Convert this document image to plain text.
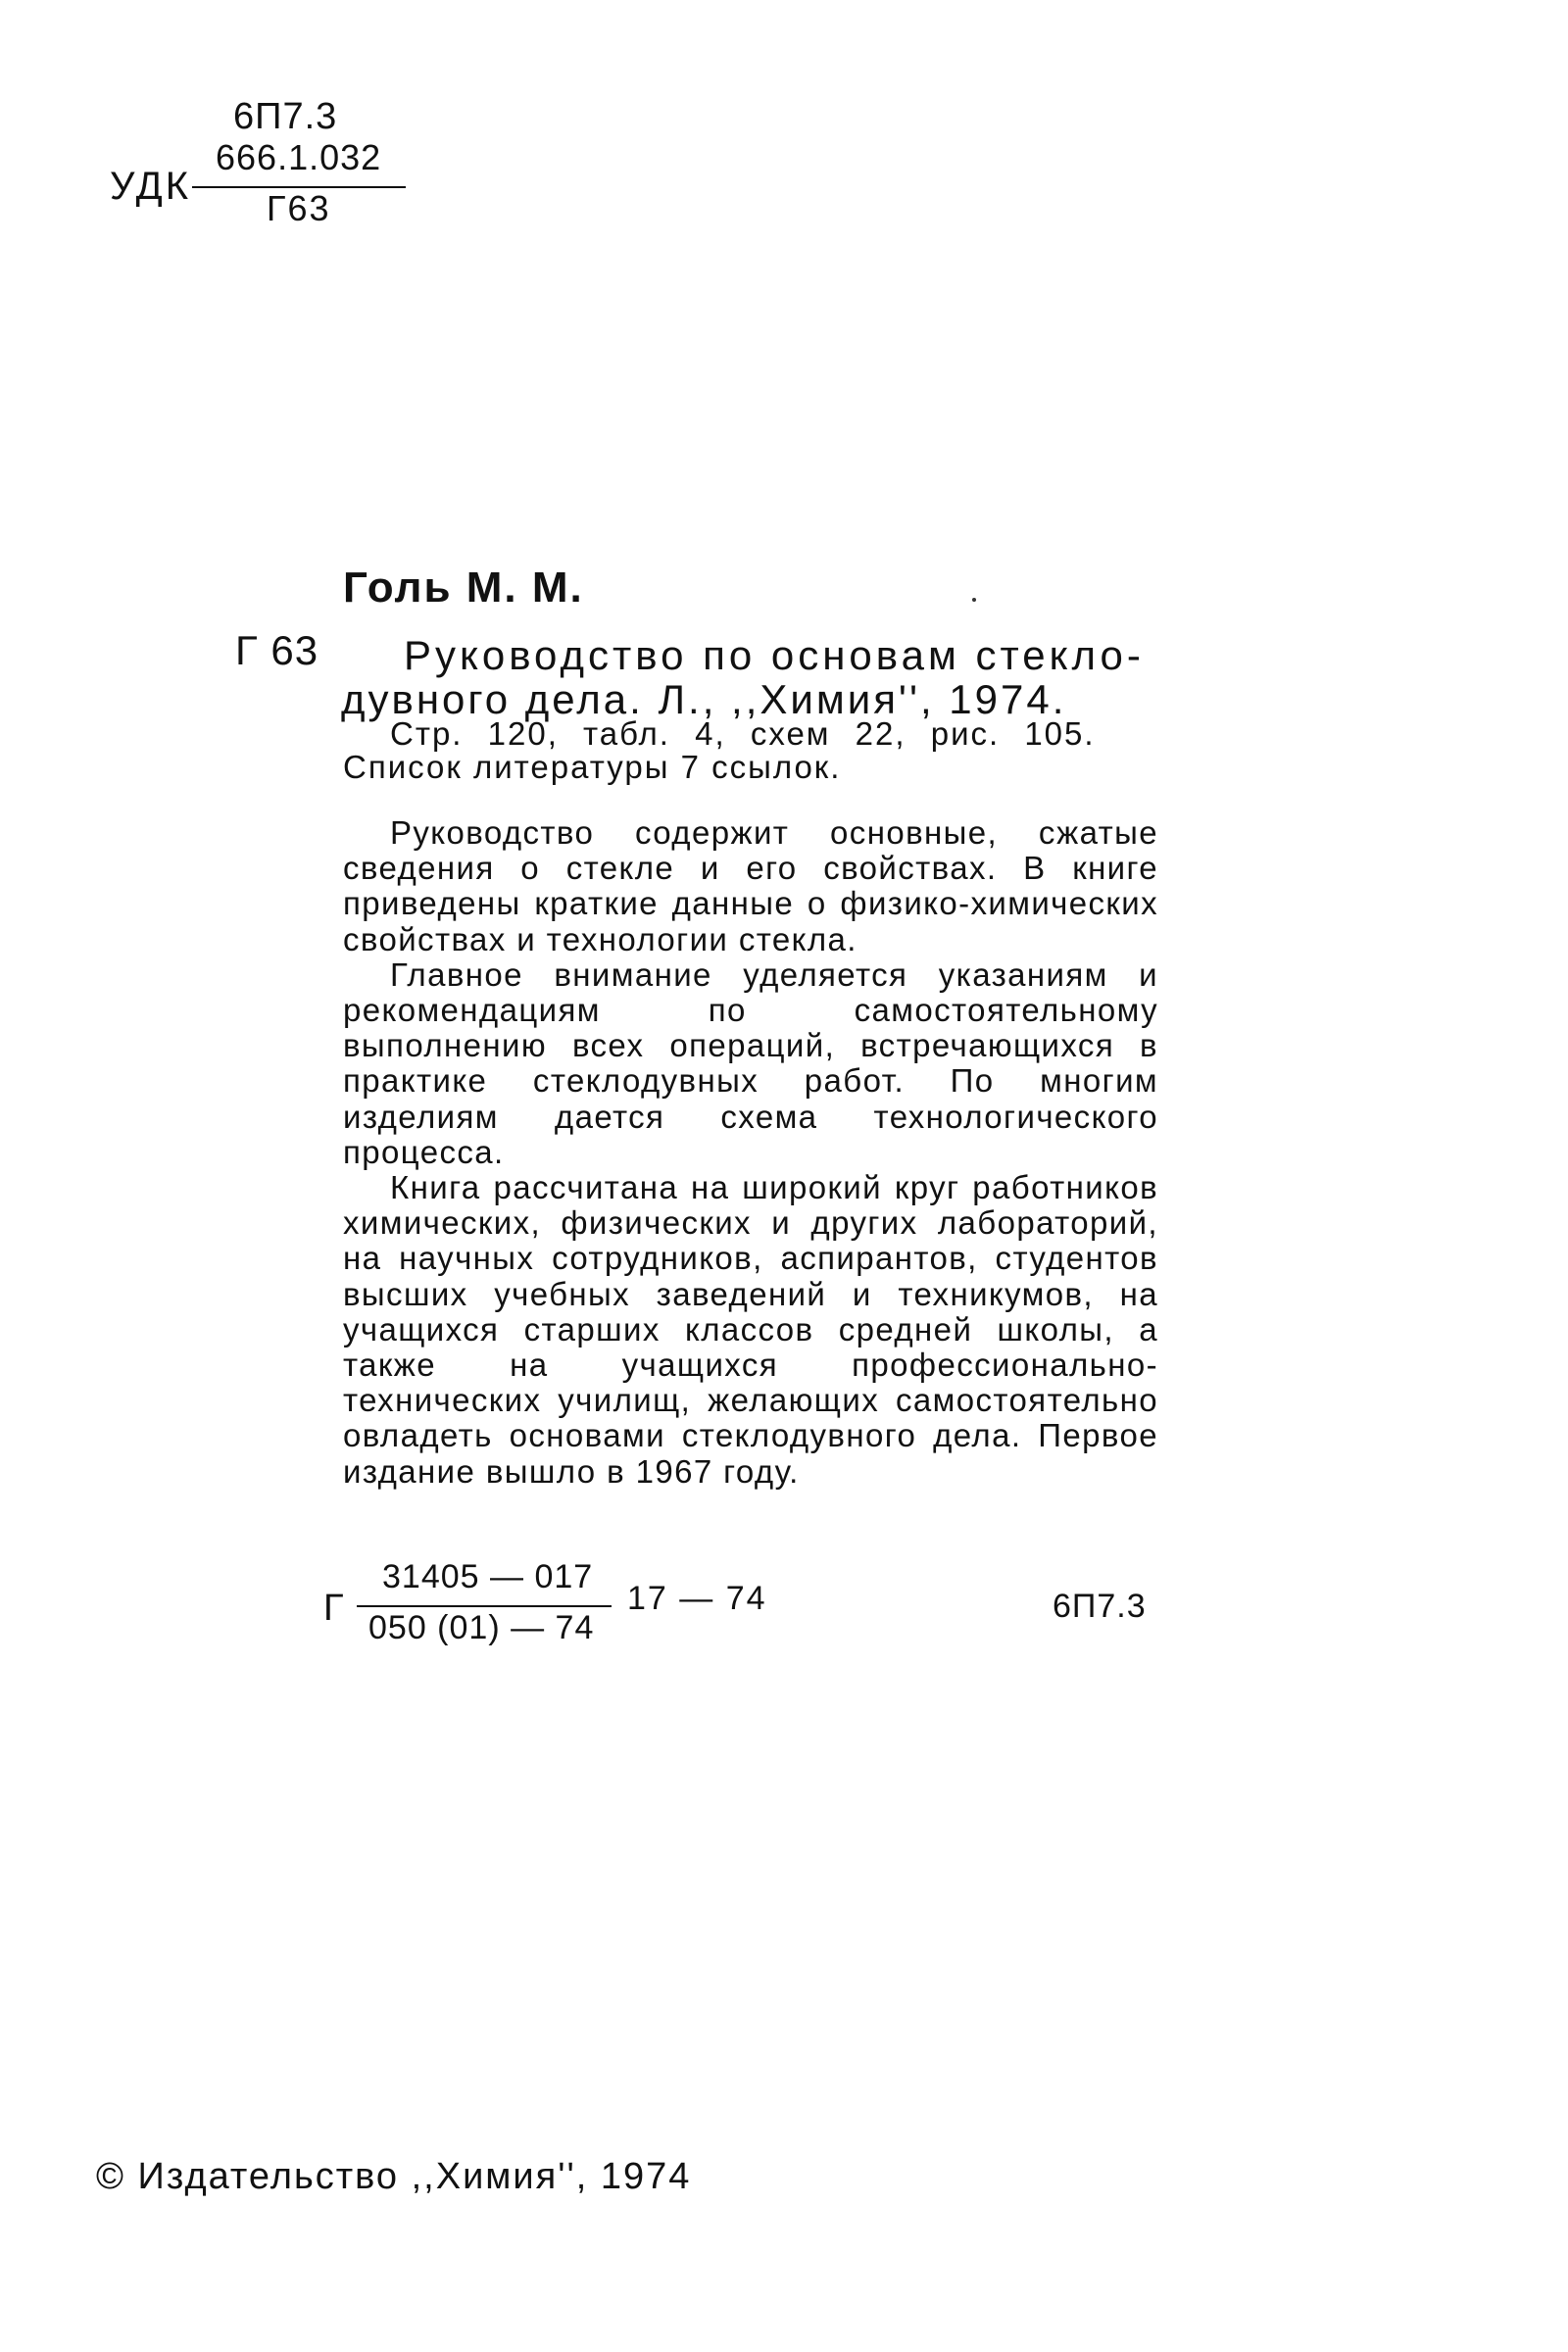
6П7.3
УДК
666.1.032
Г63
Голь М. М.
Г 63 Руководство по основам стекло-
дувного дела. Л., ,,Химия'', 1974.
Стр. 120, табл. 4, схем 22, рис. 105.
Список литературы 7 ссылок.

Руководство содержит основные, сжатые сведения о стекле и его свойствах. В книге приведены краткие данные о физико-химических свойствах и технологии стекла.

Главное внимание уделяется указаниям и рекомендациям по самостоятельному выполнению всех операций, встречающихся в практике стеклодувных работ. По многим изделиям дается схема технологического процесса.

Книга рассчитана на широкий круг работников химических, физических и других лабораторий, на научных сотрудников, аспирантов, студентов высших учебных заведений и техникумов, на учащихся старших классов средней школы, а также на учащихся профессионально-технических училищ, желающих самостоятельно овладеть основами стеклодувного дела. Первое издание вышло в 1967 году.

Г
31405 — 017
050 (01) — 74
17 — 74	6П7.3
© Издательство ,,Химия'', 1974
